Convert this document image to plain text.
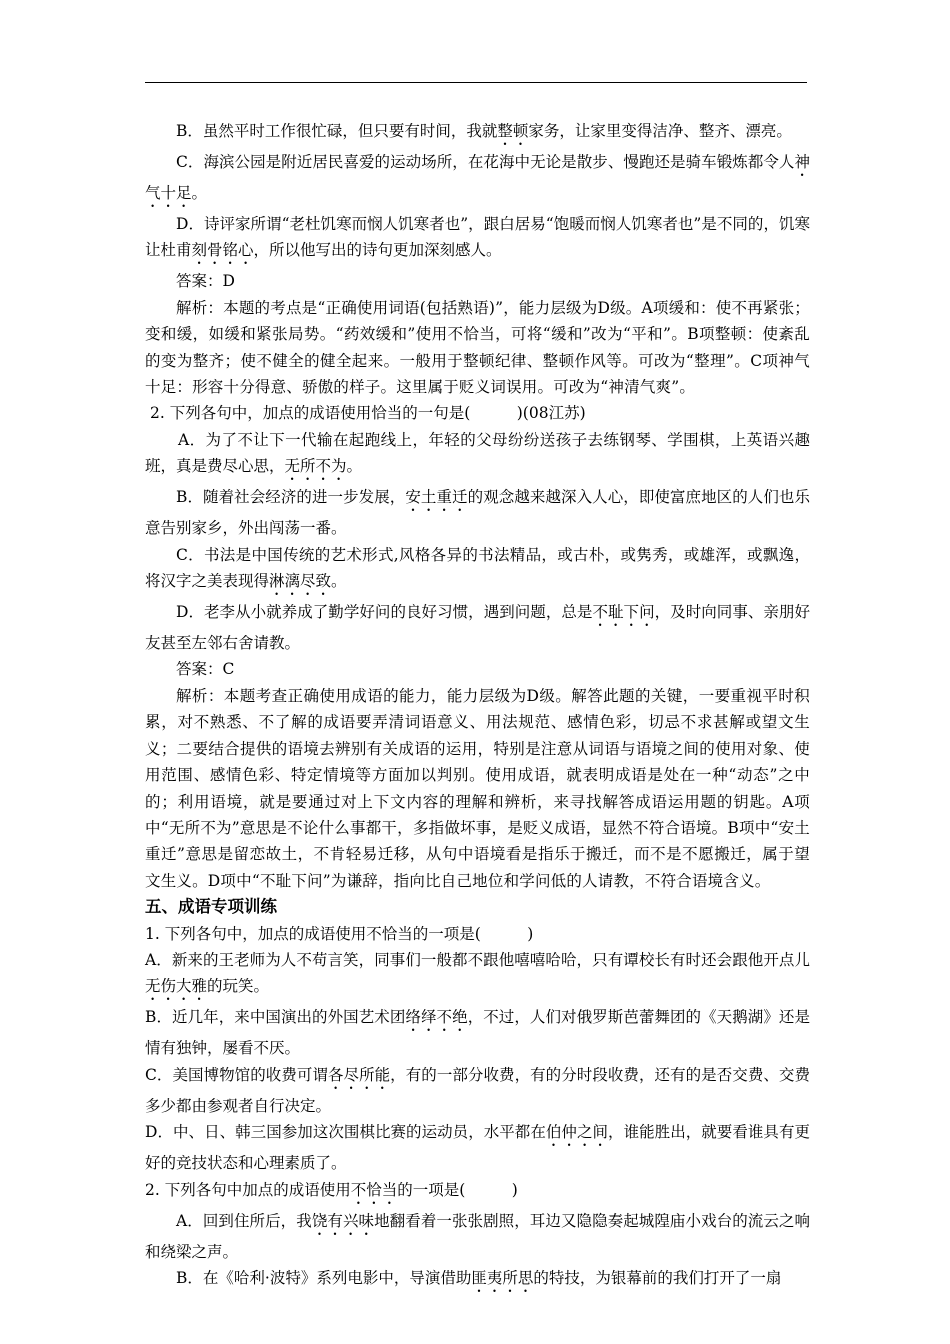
B．虽然平时工作很忙碌，但只要有时间，我就整顿家务，让家里变得洁净、整齐、漂亮。

C．海滨公园是附近居民喜爱的运动场所，在花海中无论是散步、慢跑还是骑车锻炼都令人神气十足。

D．诗评家所谓“老杜饥寒而悯人饥寒者也”，跟白居易“饱暖而悯人饥寒者也”是不同的，饥寒让杜甫刻骨铭心，所以他写出的诗句更加深刻感人。

答案：D

解析：本题的考点是“正确使用词语(包括熟语)”，能力层级为D级。A项缓和：使不再紧张；变和缓，如缓和紧张局势。“药效缓和”使用不恰当，可将“缓和”改为“平和”。B项整顿：使紊乱的变为整齐；使不健全的健全起来。一般用于整顿纪律、整顿作风等。可改为“整理”。C项神气十足：形容十分得意、骄傲的样子。这里属于贬义词误用。可改为“神清气爽”。

2. 下列各句中，加点的成语使用恰当的一句是(　　　)(08江苏)

A．为了不让下一代输在起跑线上，年轻的父母纷纷送孩子去练钢琴、学围棋，上英语兴趣班，真是费尽心思，无所不为。

B．随着社会经济的进一步发展，安土重迁的观念越来越深入人心，即使富庶地区的人们也乐意告别家乡，外出闯荡一番。

C．书法是中国传统的艺术形式,风格各异的书法精品，或古朴，或隽秀，或雄浑，或飘逸，将汉字之美表现得淋漓尽致。

D．老李从小就养成了勤学好问的良好习惯，遇到问题，总是不耻下问，及时向同事、亲朋好友甚至左邻右舍请教。

答案：C

解析：本题考查正确使用成语的能力，能力层级为D级。解答此题的关键，一要重视平时积累，对不熟悉、不了解的成语要弄清词语意义、用法规范、感情色彩，切忌不求甚解或望文生义；二要结合提供的语境去辨别有关成语的运用，特别是注意从词语与语境之间的使用对象、使用范围、感情色彩、特定情境等方面加以判别。使用成语，就表明成语是处在一种“动态”之中的；利用语境，就是要通过对上下文内容的理解和辨析，来寻找解答成语运用题的钥匙。A项中“无所不为”意思是不论什么事都干，多指做坏事，是贬义成语，显然不符合语境。B项中“安土重迁”意思是留恋故土，不肯轻易迁移，从句中语境看是指乐于搬迁，而不是不愿搬迁，属于望文生义。D项中“不耻下问”为谦辞，指向比自己地位和学问低的人请教，不符合语境含义。

五、成语专项训练

1. 下列各句中，加点的成语使用不恰当的一项是(　　　)

A．新来的王老师为人不苟言笑，同事们一般都不跟他嘻嘻哈哈，只有谭校长有时还会跟他开点儿无伤大雅的玩笑。

B．近几年，来中国演出的外国艺术团络绎不绝，不过，人们对俄罗斯芭蕾舞团的《天鹅湖》还是情有独钟，屡看不厌。

C．美国博物馆的收费可谓各尽所能，有的一部分收费，有的分时段收费，还有的是否交费、交费多少都由参观者自行决定。

D．中、日、韩三国参加这次围棋比赛的运动员，水平都在伯仲之间，谁能胜出，就要看谁具有更好的竞技状态和心理素质了。

2. 下列各句中加点的成语使用不恰当的一项是(　　　)

A．回到住所后，我饶有兴味地翻看着一张张剧照，耳边又隐隐奏起城隍庙小戏台的流云之响和绕梁之声。

B．在《哈利·波特》系列电影中，导演借助匪夷所思的特技，为银幕前的我们打开了一扇
